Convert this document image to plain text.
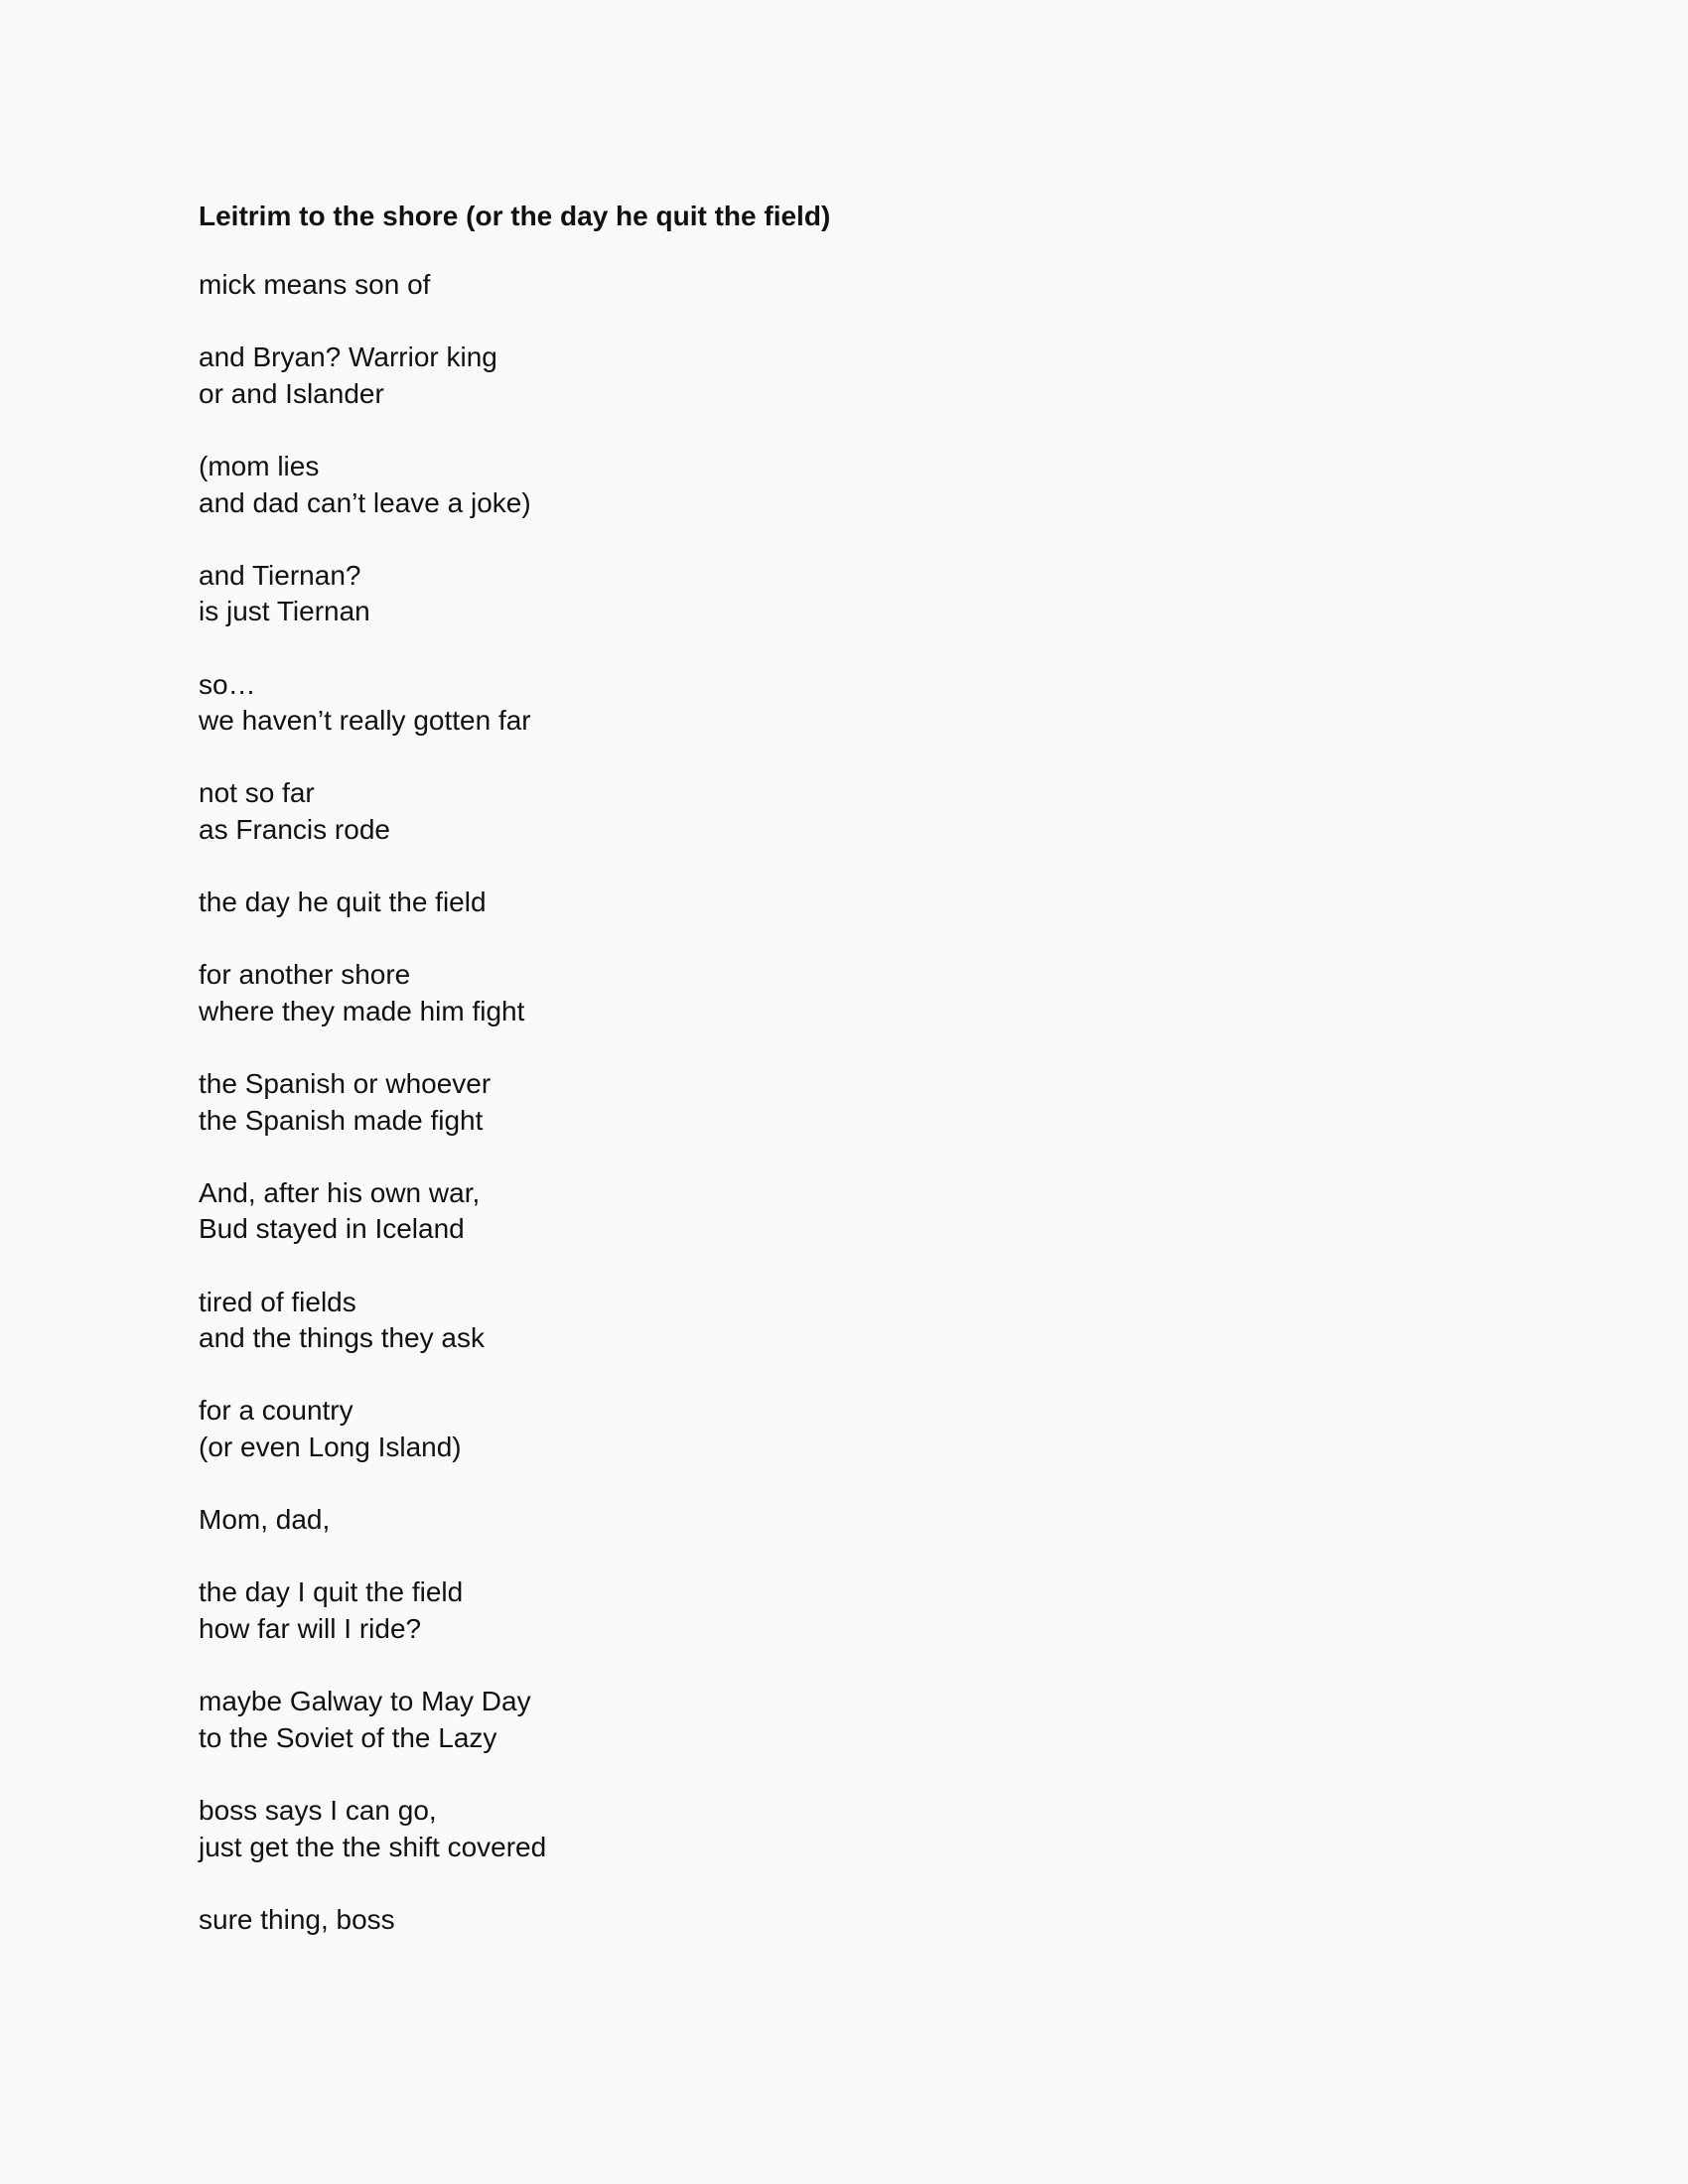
Leitrim to the shore (or the day he quit the field)
mick means son of
and Bryan? Warrior king
or and Islander
(mom lies
and dad can’t leave a joke)
and Tiernan?
is just Tiernan
so…
we haven’t really gotten far
not so far
as Francis rode
the day he quit the field
for another shore
where they made him fight
the Spanish or whoever
the Spanish made fight
And, after his own war,
Bud stayed in Iceland
tired of fields
and the things they ask
for a country
(or even Long Island)
Mom, dad,
the day I quit the field
how far will I ride?
maybe Galway to May Day
to the Soviet of the Lazy
boss says I can go,
just get the the shift covered
sure thing, boss
